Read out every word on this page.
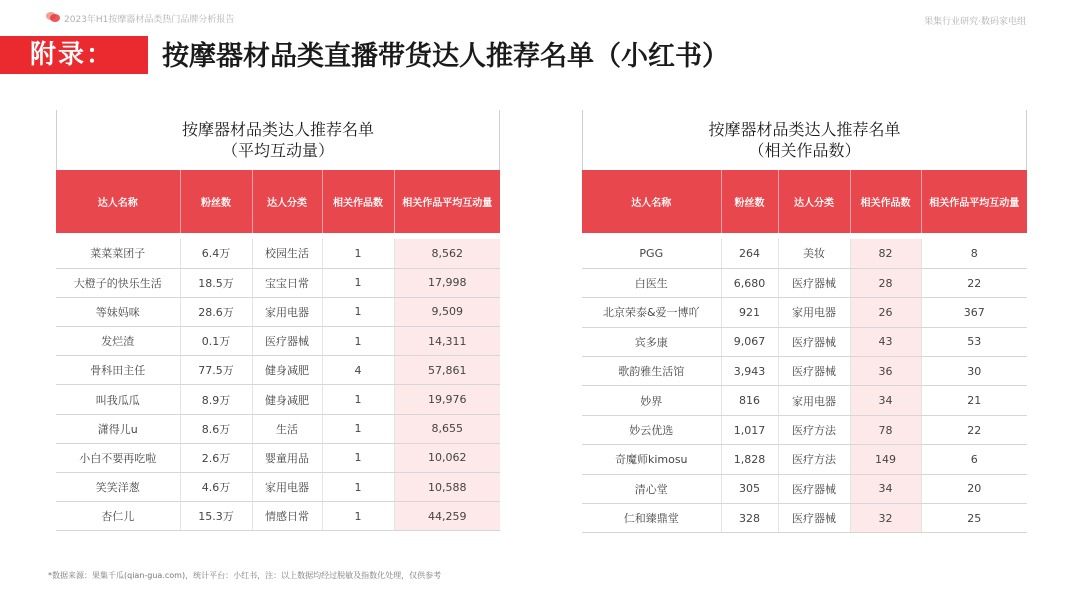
2023年H1按摩器材品类热门品牌分析报告	果集行业研究·数码家电组
附录：	按摩器材品类直播带货达人推荐名单（小红书）
按摩器材品类达人推荐名单
（平均互动量）
达人名称	粉丝数	达人分类	相关作品数	相关作品平均互动量

菜菜菜团子	6.4万	校园生活	1	8,562
大橙子的快乐生活	18.5万	宝宝日常	1	17,998
等妹妈咪	28.6万	家用电器	1	9,509
发烂渣	0.1万	医疗器械	1	14,311
骨科田主任	77.5万	健身减肥	4	57,861
叫我瓜瓜	8.9万	健身减肥	1	19,976
潇得儿u	8.6万	生活	1	8,655
小白不要再吃啦	2.6万	婴童用品	1	10,062
笑笑洋葱	4.6万	家用电器	1	10,588
杏仁儿	15.3万	情感日常	1	44,259
按摩器材品类达人推荐名单
（相关作品数）
达人名称	粉丝数	达人分类	相关作品数	相关作品平均互动量

PGG	264	美妆	82	8
白医生	6,680	医疗器械	28	22
北京荣泰&爱一博吖	921	家用电器	26	367
宾多康	9,067	医疗器械	43	53
歌韵雅生活馆	3,943	医疗器械	36	30
妙界	816	家用电器	34	21
妙云优选	1,017	医疗方法	78	22
奇魔师kimosu	1,828	医疗方法	149	6
清心堂	305	医疗器械	34	20
仁和臻鼎堂	328	医疗器械	32	25
*数据来源：果集千瓜(qian-gua.com)，统计平台：小红书，注：以上数据均经过脱敏及指数化处理，仅供参考
